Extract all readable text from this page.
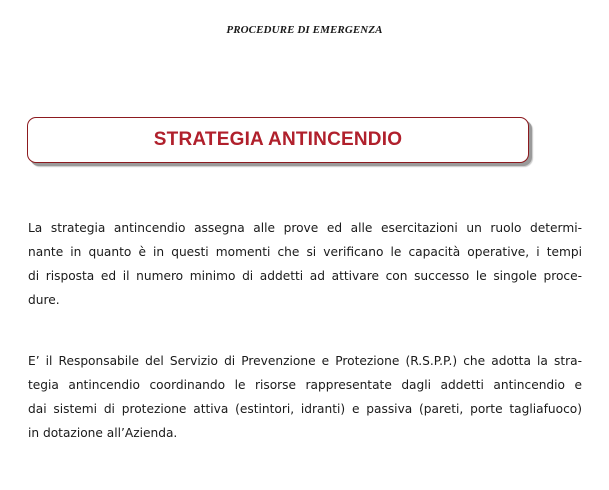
PROCEDURE DI EMERGENZA
STRATEGIA ANTINCENDIO

La strategia antincendio assegna alle prove ed alle esercitazioni un ruolo determi-
nante in quanto è in questi momenti che si verificano le capacità operative, i tempi
di risposta ed il numero minimo di addetti ad attivare con successo le singole proce-
dure.

E’ il Responsabile del Servizio di Prevenzione e Protezione (R.S.P.P.) che adotta la stra-
tegia antincendio coordinando le risorse rappresentate dagli addetti antincendio e
dai sistemi di protezione attiva (estintori, idranti) e passiva (pareti, porte tagliafuoco)
in dotazione all’Azienda.
